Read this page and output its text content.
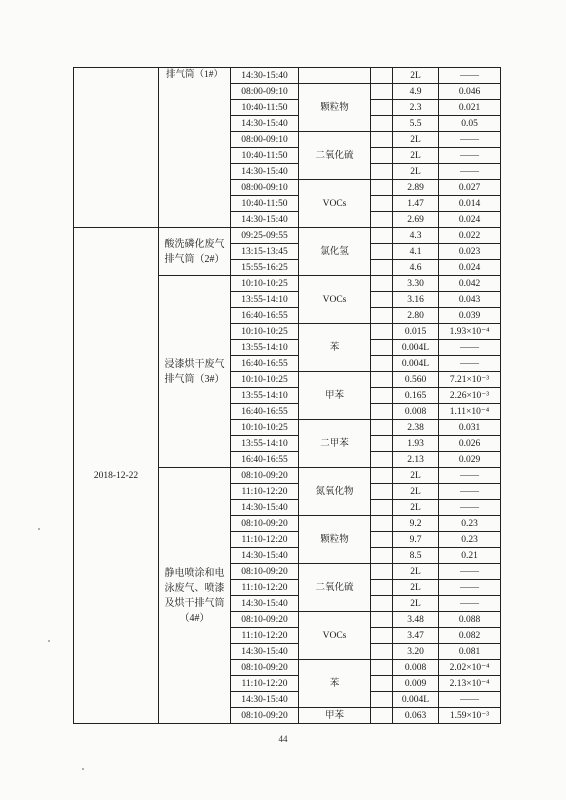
	排气筒（1#）	14:30-15:40			2L	——
		08:00-09:10	颗粒物		4.9	0.046
		10:40-11:50			2.3	0.021
		14:30-15:40			5.5	0.05
		08:00-09:10	二氧化硫		2L	——
		10:40-11:50			2L	——
		14:30-15:40			2L	——
		08:00-09:10	VOCs		2.89	0.027
		10:40-11:50			1.47	0.014
		14:30-15:40			2.69	0.024
2018-12-22	酸洗磷化废气排气筒（2#）	09:25-09:55	氯化氢		4.3	0.022
		13:15-13:45			4.1	0.023
		15:55-16:25			4.6	0.024
	浸漆烘干废气排气筒（3#）	10:10-10:25	VOCs		3.30	0.042
		13:55-14:10			3.16	0.043
		16:40-16:55			2.80	0.039
		10:10-10:25	苯		0.015	1.93×10⁻⁴
		13:55-14:10			0.004L	——
		16:40-16:55			0.004L	——
		10:10-10:25	甲苯		0.560	7.21×10⁻³
		13:55-14:10			0.165	2.26×10⁻³
		16:40-16:55			0.008	1.11×10⁻⁴
		10:10-10:25	二甲苯		2.38	0.031
		13:55-14:10			1.93	0.026
		16:40-16:55			2.13	0.029
	静电喷涂和电泳废气、喷漆及烘干排气筒（4#）	08:10-09:20	氮氧化物		2L	——
		11:10-12:20			2L	——
		14:30-15:40			2L	——
		08:10-09:20	颗粒物		9.2	0.23
		11:10-12:20			9.7	0.23
		14:30-15:40			8.5	0.21
		08:10-09:20	二氧化硫		2L	——
		11:10-12:20			2L	——
		14:30-15:40			2L	——
		08:10-09:20	VOCs		3.48	0.088
		11:10-12:20			3.47	0.082
		14:30-15:40			3.20	0.081
		08:10-09:20	苯		0.008	2.02×10⁻⁴
		11:10-12:20			0.009	2.13×10⁻⁴
		14:30-15:40			0.004L	——
		08:10-09:20	甲苯		0.063	1.59×10⁻³
44
